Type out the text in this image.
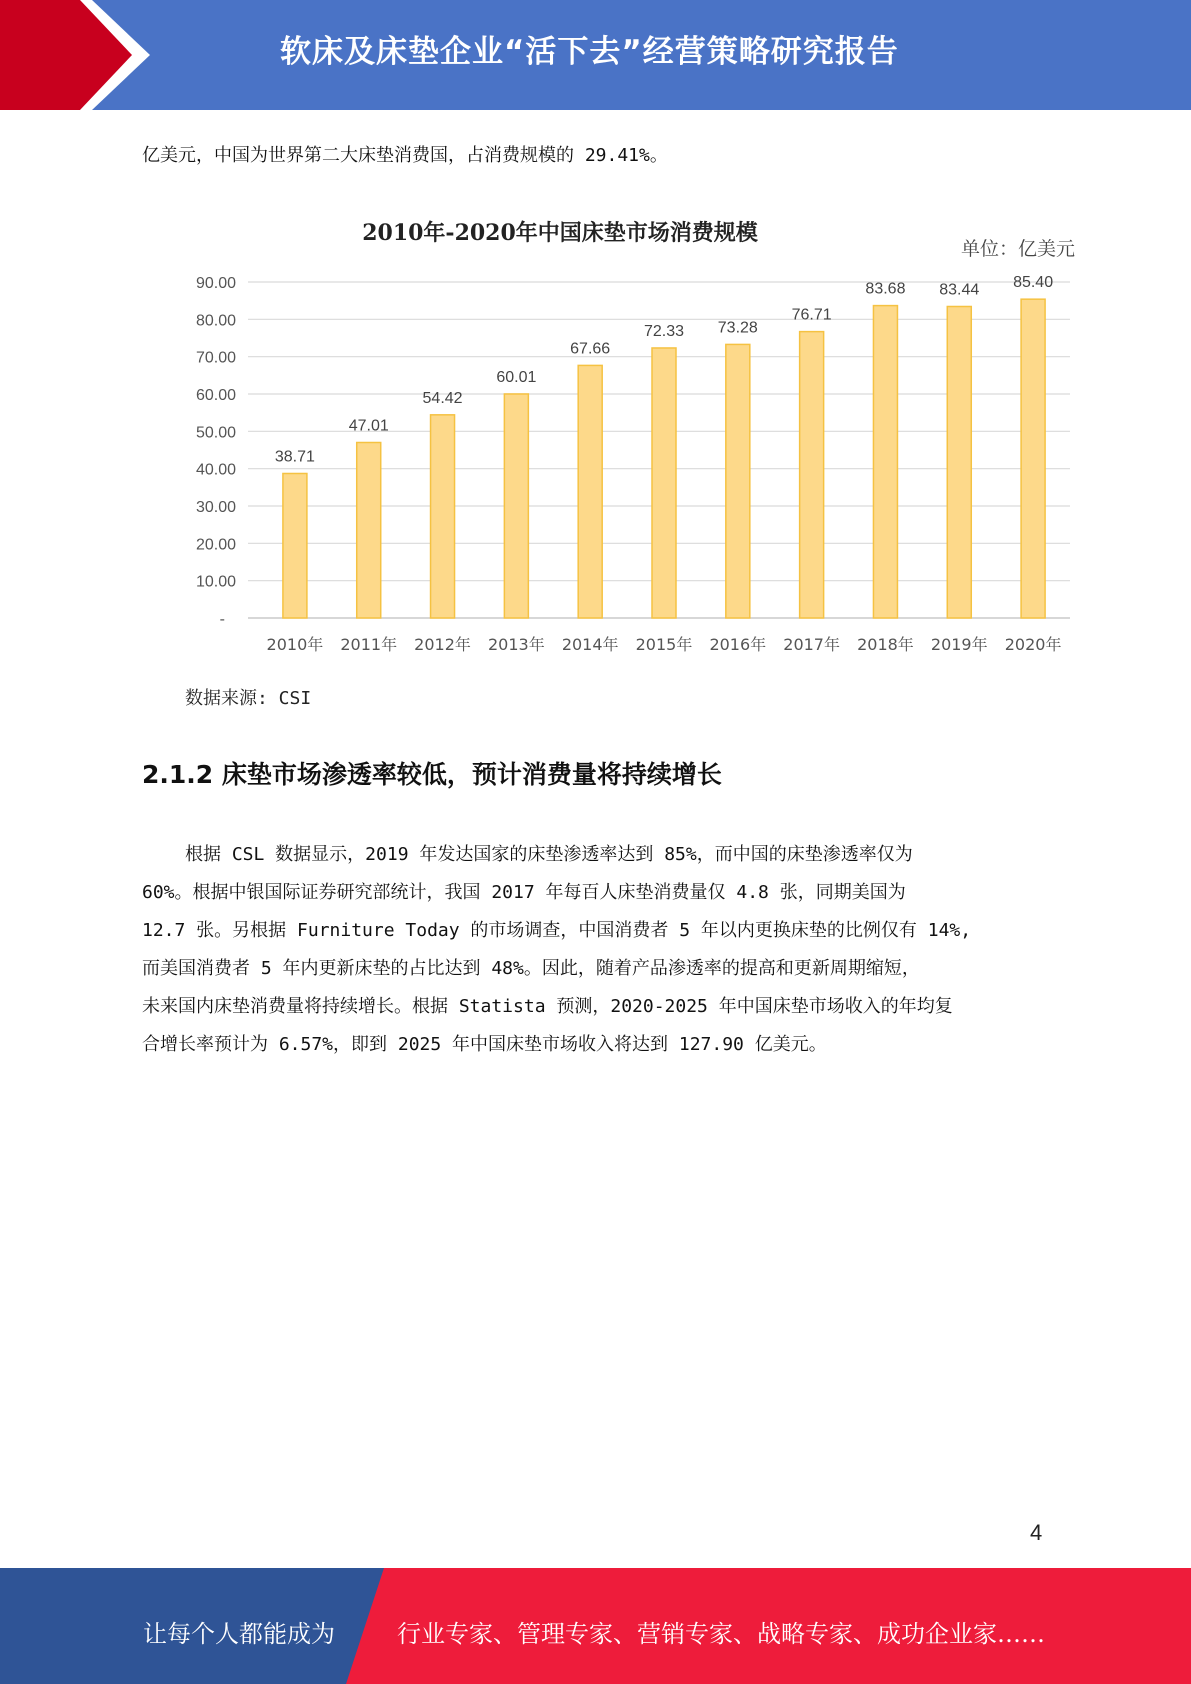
软床及床垫企业“活下去”经营策略研究报告
亿美元，中国为世界第二大床垫消费国，占消费规模的 29.41%。
2010年-2020年中国床垫市场消费规模
单位：亿美元
-
10.00
20.00
30.00
40.00
50.00
60.00
70.00
80.00
90.00
38.71
2010年
47.01
2011年
54.42
2012年
60.01
2013年
67.66
2014年
72.33
2015年
73.28
2016年
76.71
2017年
83.68
2018年
83.44
2019年
85.40
2020年
数据来源: CSI
2.1.2 床垫市场渗透率较低，预计消费量将持续增长
根据 CSL 数据显示，2019 年发达国家的床垫渗透率达到 85%，而中国的床垫渗透率仅为
60%。根据中银国际证券研究部统计，我国 2017 年每百人床垫消费量仅 4.8 张，同期美国为
12.7 张。另根据 Furniture Today 的市场调查，中国消费者 5 年以内更换床垫的比例仅有 14%,
而美国消费者 5 年内更新床垫的占比达到 48%。因此，随着产品渗透率的提高和更新周期缩短，
未来国内床垫消费量将持续增长。根据 Statista 预测，2020-2025 年中国床垫市场收入的年均复
合增长率预计为 6.57%，即到 2025 年中国床垫市场收入将达到 127.90 亿美元。
4
让每个人都能成为	行业专家、管理专家、营销专家、战略专家、成功企业家……
